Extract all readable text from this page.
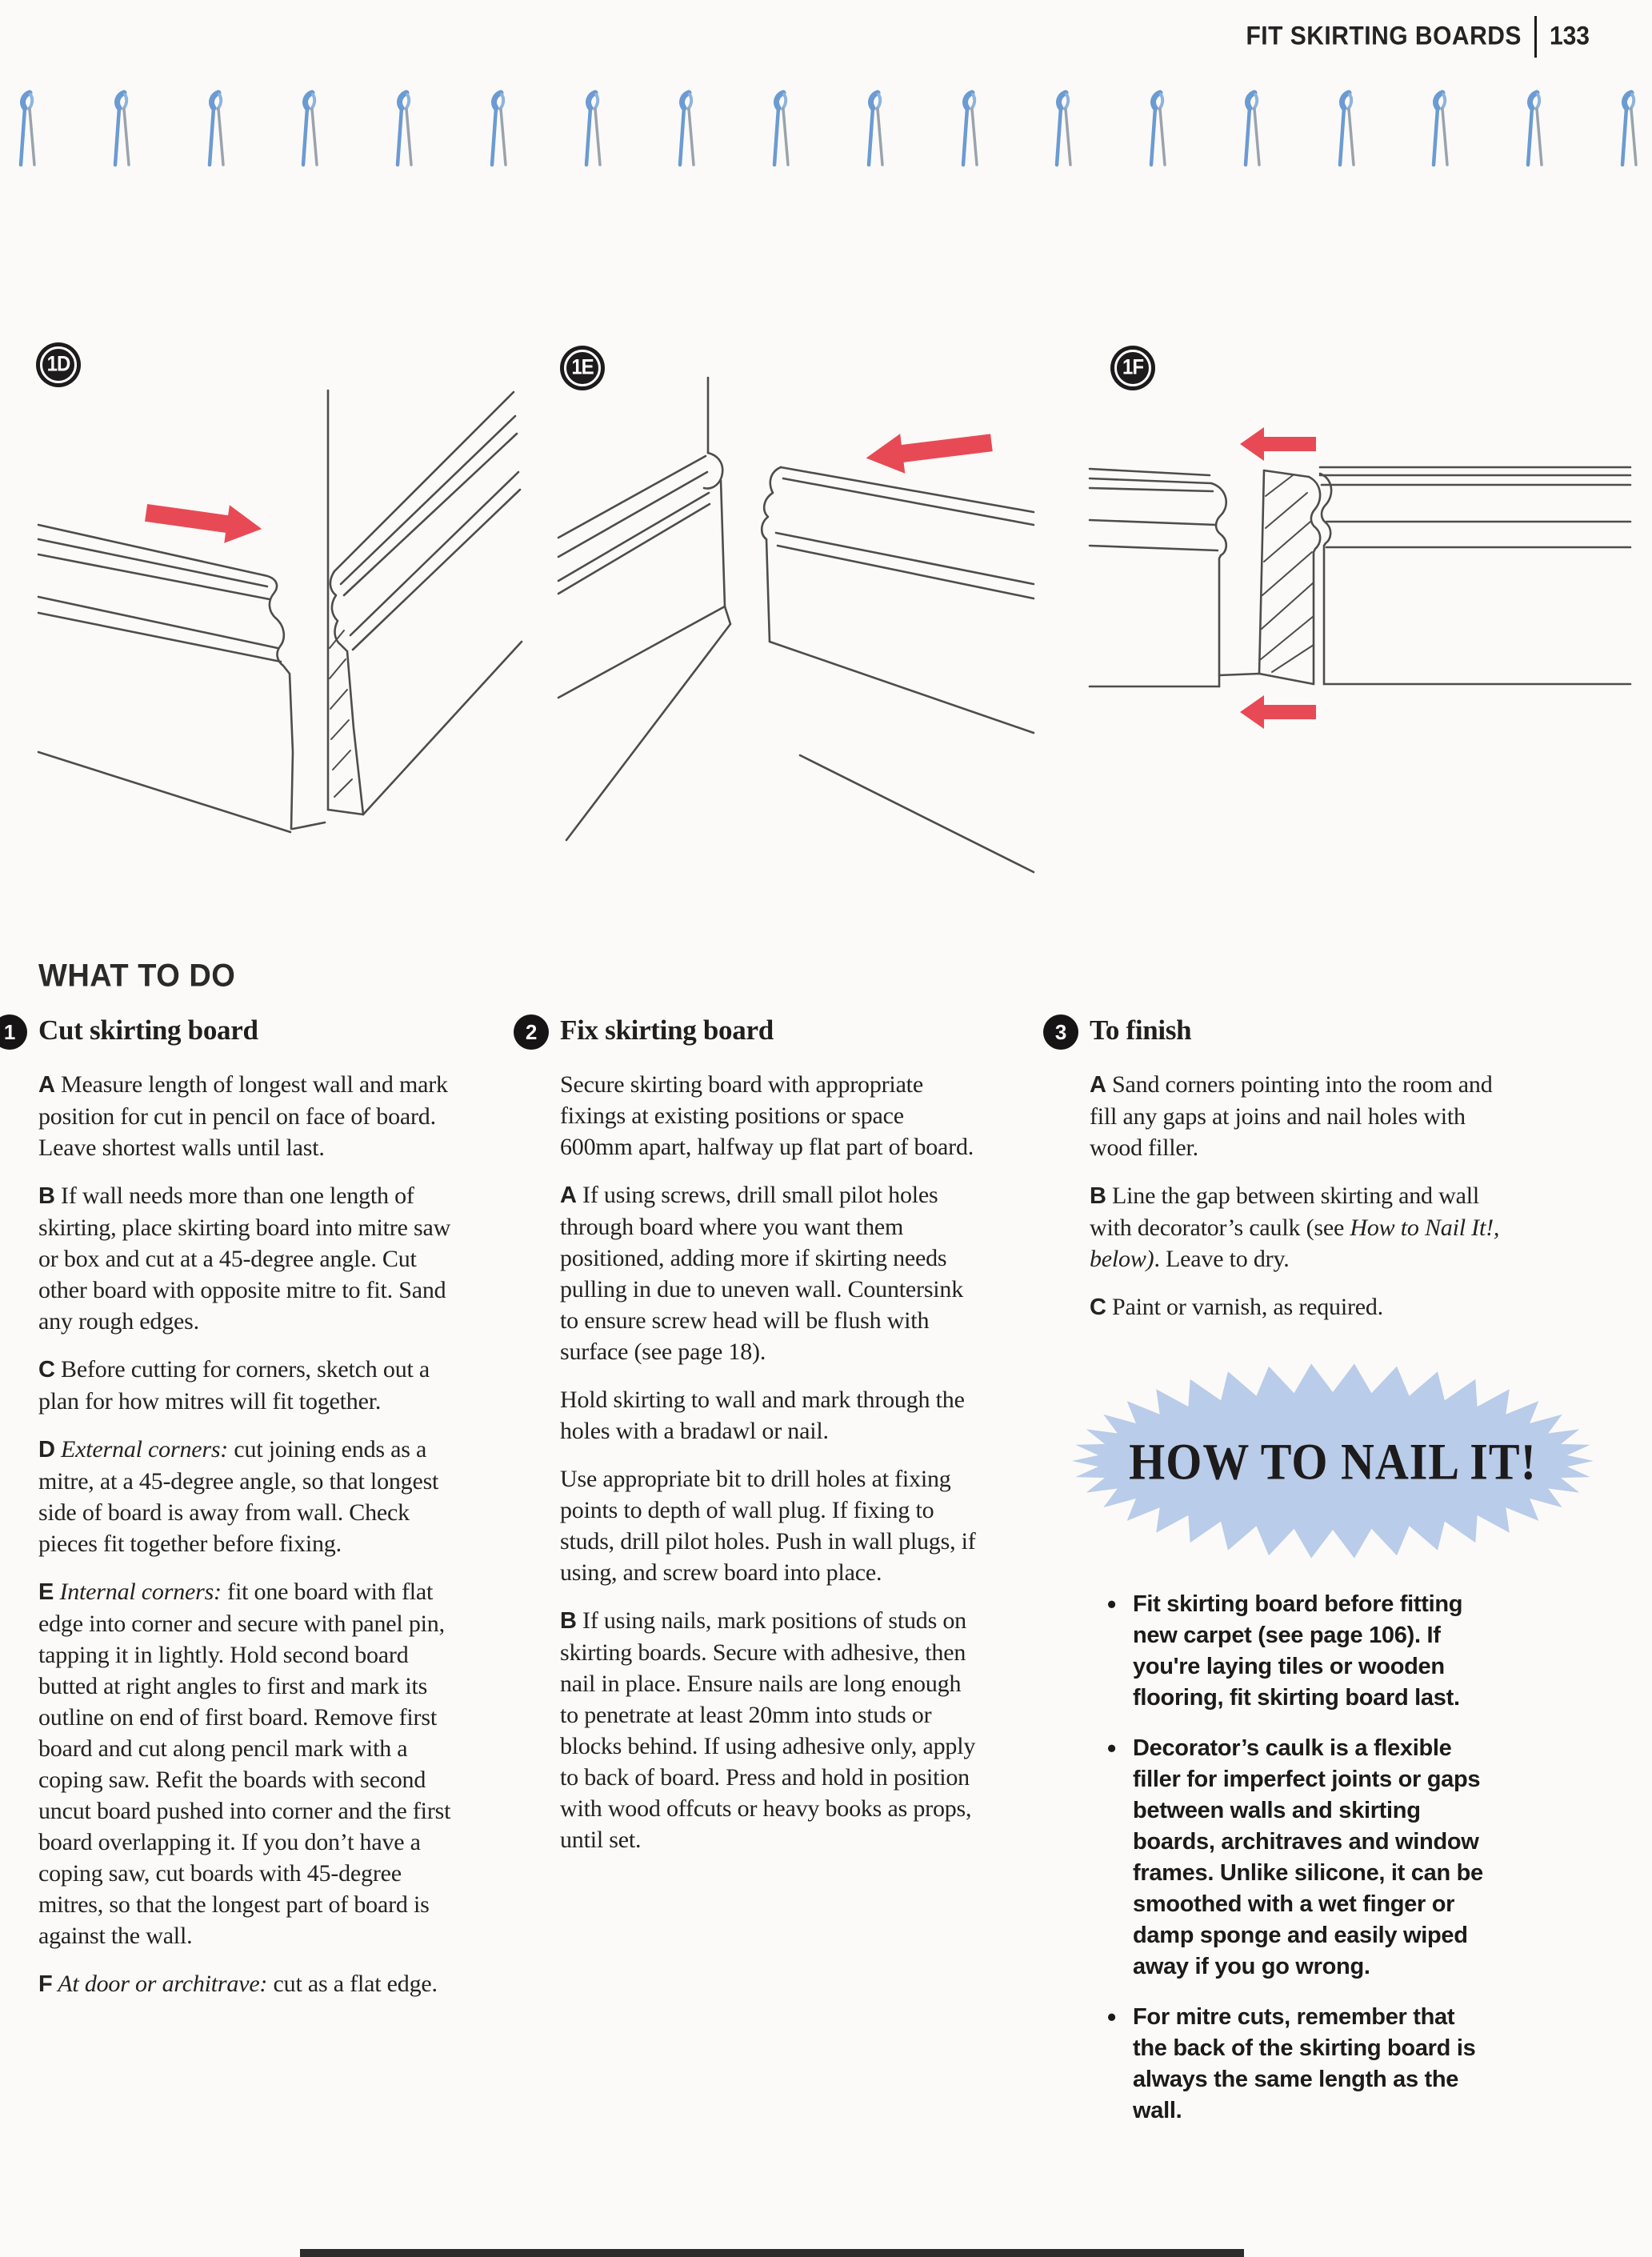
FIT SKIRTING BOARDS 133
1D	1E	1F
WHAT TO DO
1 Cut skirting board

A Measure length of longest wall and mark position for cut in pencil on face of board. Leave shortest walls until last.

B If wall needs more than one length of skirting, place skirting board into mitre saw or box and cut at a 45-degree angle. Cut other board with opposite mitre to fit. Sand any rough edges.

C Before cutting for corners, sketch out a plan for how mitres will fit together.

D External corners: cut joining ends as a mitre, at a 45-degree angle, so that longest side of board is away from wall. Check pieces fit together before fixing.

E Internal corners: fit one board with flat edge into corner and secure with panel pin, tapping it in lightly. Hold second board butted at right angles to first and mark its outline on end of first board. Remove first board and cut along pencil mark with a coping saw. Refit the boards with second uncut board pushed into corner and the first board overlapping it. If you don’t have a coping saw, cut boards with 45-degree mitres, so that the longest part of board is against the wall.

F At door or architrave: cut as a flat edge.

2 Fix skirting board

Secure skirting board with appropriate fixings at existing positions or space 600mm apart, halfway up flat part of board.

A If using screws, drill small pilot holes through board where you want them positioned, adding more if skirting needs pulling in due to uneven wall. Countersink to ensure screw head will be flush with surface (see page 18).

Hold skirting to wall and mark through the holes with a bradawl or nail.

Use appropriate bit to drill holes at fixing points to depth of wall plug. If fixing to studs, drill pilot holes. Push in wall plugs, if using, and screw board into place.

B If using nails, mark positions of studs on skirting boards. Secure with adhesive, then nail in place. Ensure nails are long enough to penetrate at least 20mm into studs or blocks behind. If using adhesive only, apply to back of board. Press and hold in position with wood offcuts or heavy books as props, until set.

3 To finish

A Sand corners pointing into the room and fill any gaps at joins and nail holes with wood filler.

B Line the gap between skirting and wall with decorator’s caulk (see How to Nail It!, below). Leave to dry.

C Paint or varnish, as required.

HOW TO NAIL IT!
• Fit skirting board before fitting new carpet (see page 106). If you're laying tiles or wooden flooring, fit skirting board last.
• Decorator’s caulk is a flexible filler for imperfect joints or gaps between walls and skirting boards, architraves and window frames. Unlike silicone, it can be smoothed with a wet finger or damp sponge and easily wiped away if you go wrong.
• For mitre cuts, remember that the back of the skirting board is always the same length as the wall.
